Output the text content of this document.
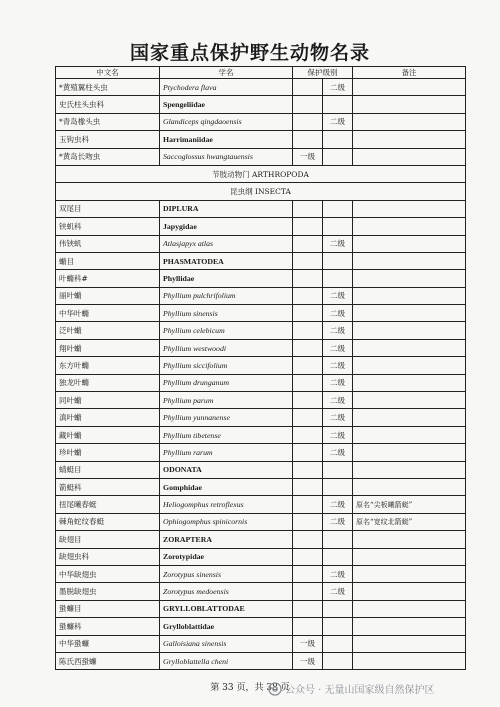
国家重点保护野生动物名录
中文名	学名	保护级别		备注
*黄殖翼柱头虫	Ptychodera flava		二级	
史氏柱头虫科	Spengeliidae			
*青岛橡头虫	Glandiceps qingdaoensis		二级	
玉钩虫科	Harrimaniidae			
*黄岛长吻虫	Saccoglossus hwangtauensis	一级		
节肢动物门 ARTHROPODA				
昆虫纲 INSECTA				
双尾目	DIPLURA			
铗虮科	Japygidae			
伟铗虮	Atlasjapyx atlas		二级	
䗛目	PHASMATODEA			
叶䗛科#	Phyllidae			
丽叶䗛	Phyllium pulchrifolium		二级	
中华叶䗛	Phyllium sinensis		二级	
泛叶䗛	Phyllium celebicum		二级	
翔叶䗛	Phyllium westwoodi		二级	
东方叶䗛	Phyllium siccifolium		二级	
独龙叶䗛	Phyllium drunganum		二级	
同叶䗛	Phyllium parum		二级	
滇叶䗛	Phyllium yunnanense		二级	
藏叶䗛	Phyllium tibetense		二级	
珍叶䗛	Phyllium rarum		二级	
蜻蜓目	ODONATA			
箭蜓科	Gomphidae			
扭尾曦春蜓	Heliogomphus retroflexus		二级	原名“尖板曦箭蜓”
棘角蛇纹春蜓	Ophiogomphus spinicornis		二级	原名“宽纹北箭蜓”
缺翅目	ZORAPTERA			
缺翅虫科	Zorotypidae			
中华缺翅虫	Zorotypus sinensis		二级	
墨脱缺翅虫	Zorotypus medoensis		二级	
蛩蠊目	GRYLLOBLATTODAE			
蛩蠊科	Grylloblattidae			
中华蛩蠊	Galloisiana sinensis	一级		
陈氏西蛩蠊	Grylloblattella cheni	一级		
第 33 页，共 38 页
公众号 · 无量山国家级自然保护区
